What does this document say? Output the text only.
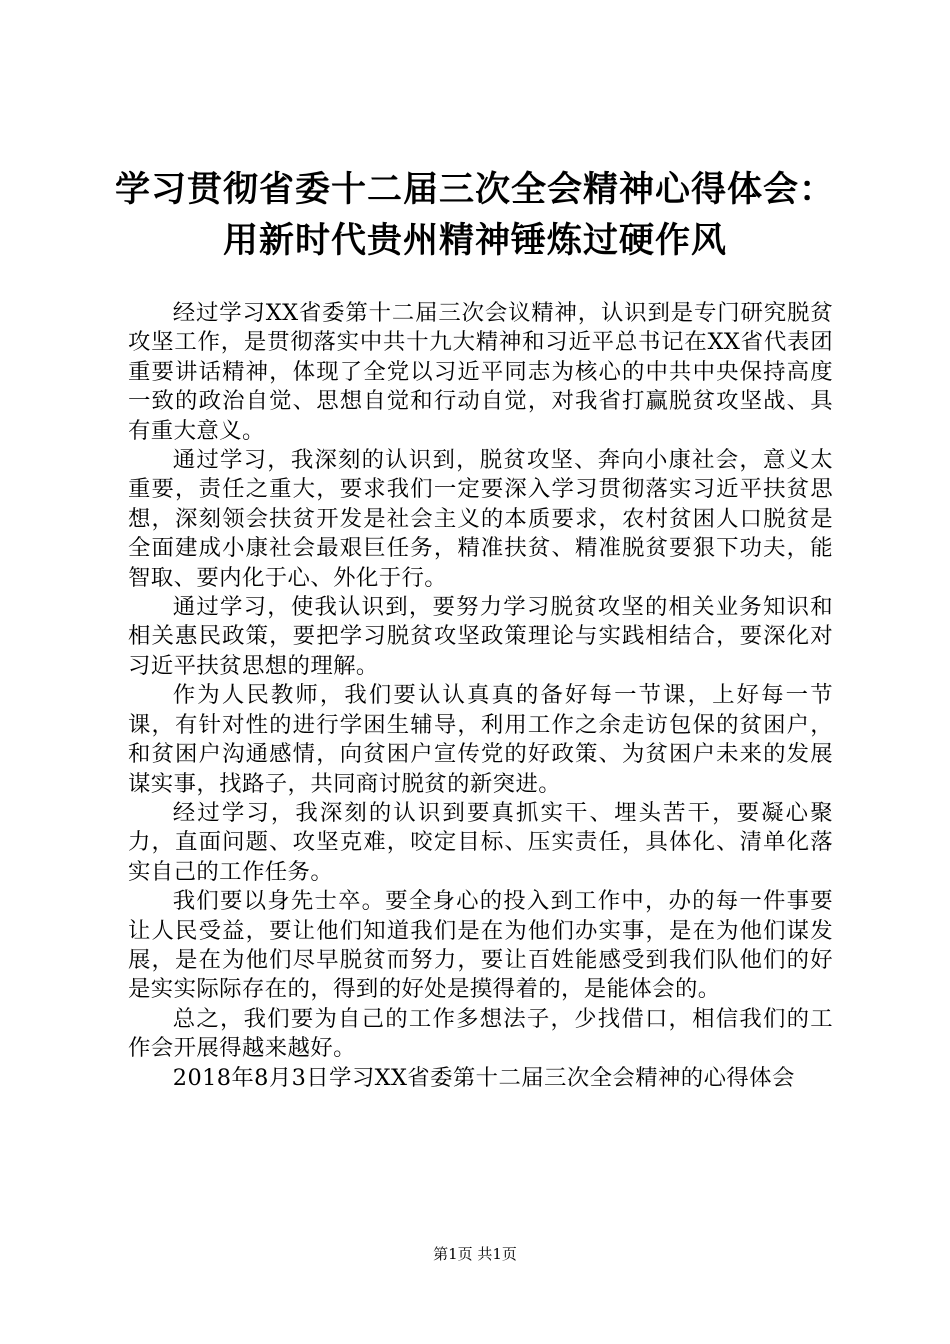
学习贯彻省委十二届三次全会精神心得体会：
用新时代贵州精神锤炼过硬作风

经过学习XX省委第十二届三次会议精神，认识到是专门研究脱贫攻坚工作，是贯彻落实中共十九大精神和习近平总书记在XX省代表团重要讲话精神，体现了全党以习近平同志为核心的中共中央保持高度一致的政治自觉、思想自觉和行动自觉，对我省打赢脱贫攻坚战、具有重大意义。

通过学习，我深刻的认识到，脱贫攻坚、奔向小康社会，意义太重要，责任之重大，要求我们一定要深入学习贯彻落实习近平扶贫思想，深刻领会扶贫开发是社会主义的本质要求，农村贫困人口脱贫是全面建成小康社会最艰巨任务，精准扶贫、精准脱贫要狠下功夫，能智取、要内化于心、外化于行。

通过学习，使我认识到，要努力学习脱贫攻坚的相关业务知识和相关惠民政策，要把学习脱贫攻坚政策理论与实践相结合，要深化对习近平扶贫思想的理解。

作为人民教师，我们要认认真真的备好每一节课，上好每一节课，有针对性的进行学困生辅导，利用工作之余走访包保的贫困户，和贫困户沟通感情，向贫困户宣传党的好政策、为贫困户未来的发展谋实事，找路子，共同商讨脱贫的新突进。

经过学习，我深刻的认识到要真抓实干、埋头苦干，要凝心聚力，直面问题、攻坚克难，咬定目标、压实责任，具体化、清单化落实自己的工作任务。

我们要以身先士卒。要全身心的投入到工作中，办的每一件事要让人民受益，要让他们知道我们是在为他们办实事，是在为他们谋发展，是在为他们尽早脱贫而努力，要让百姓能感受到我们队他们的好是实实际际存在的，得到的好处是摸得着的，是能体会的。

总之，我们要为自己的工作多想法子，少找借口，相信我们的工作会开展得越来越好。

2018年8月3日学习XX省委第十二届三次全会精神的心得体会

第1页 共1页
